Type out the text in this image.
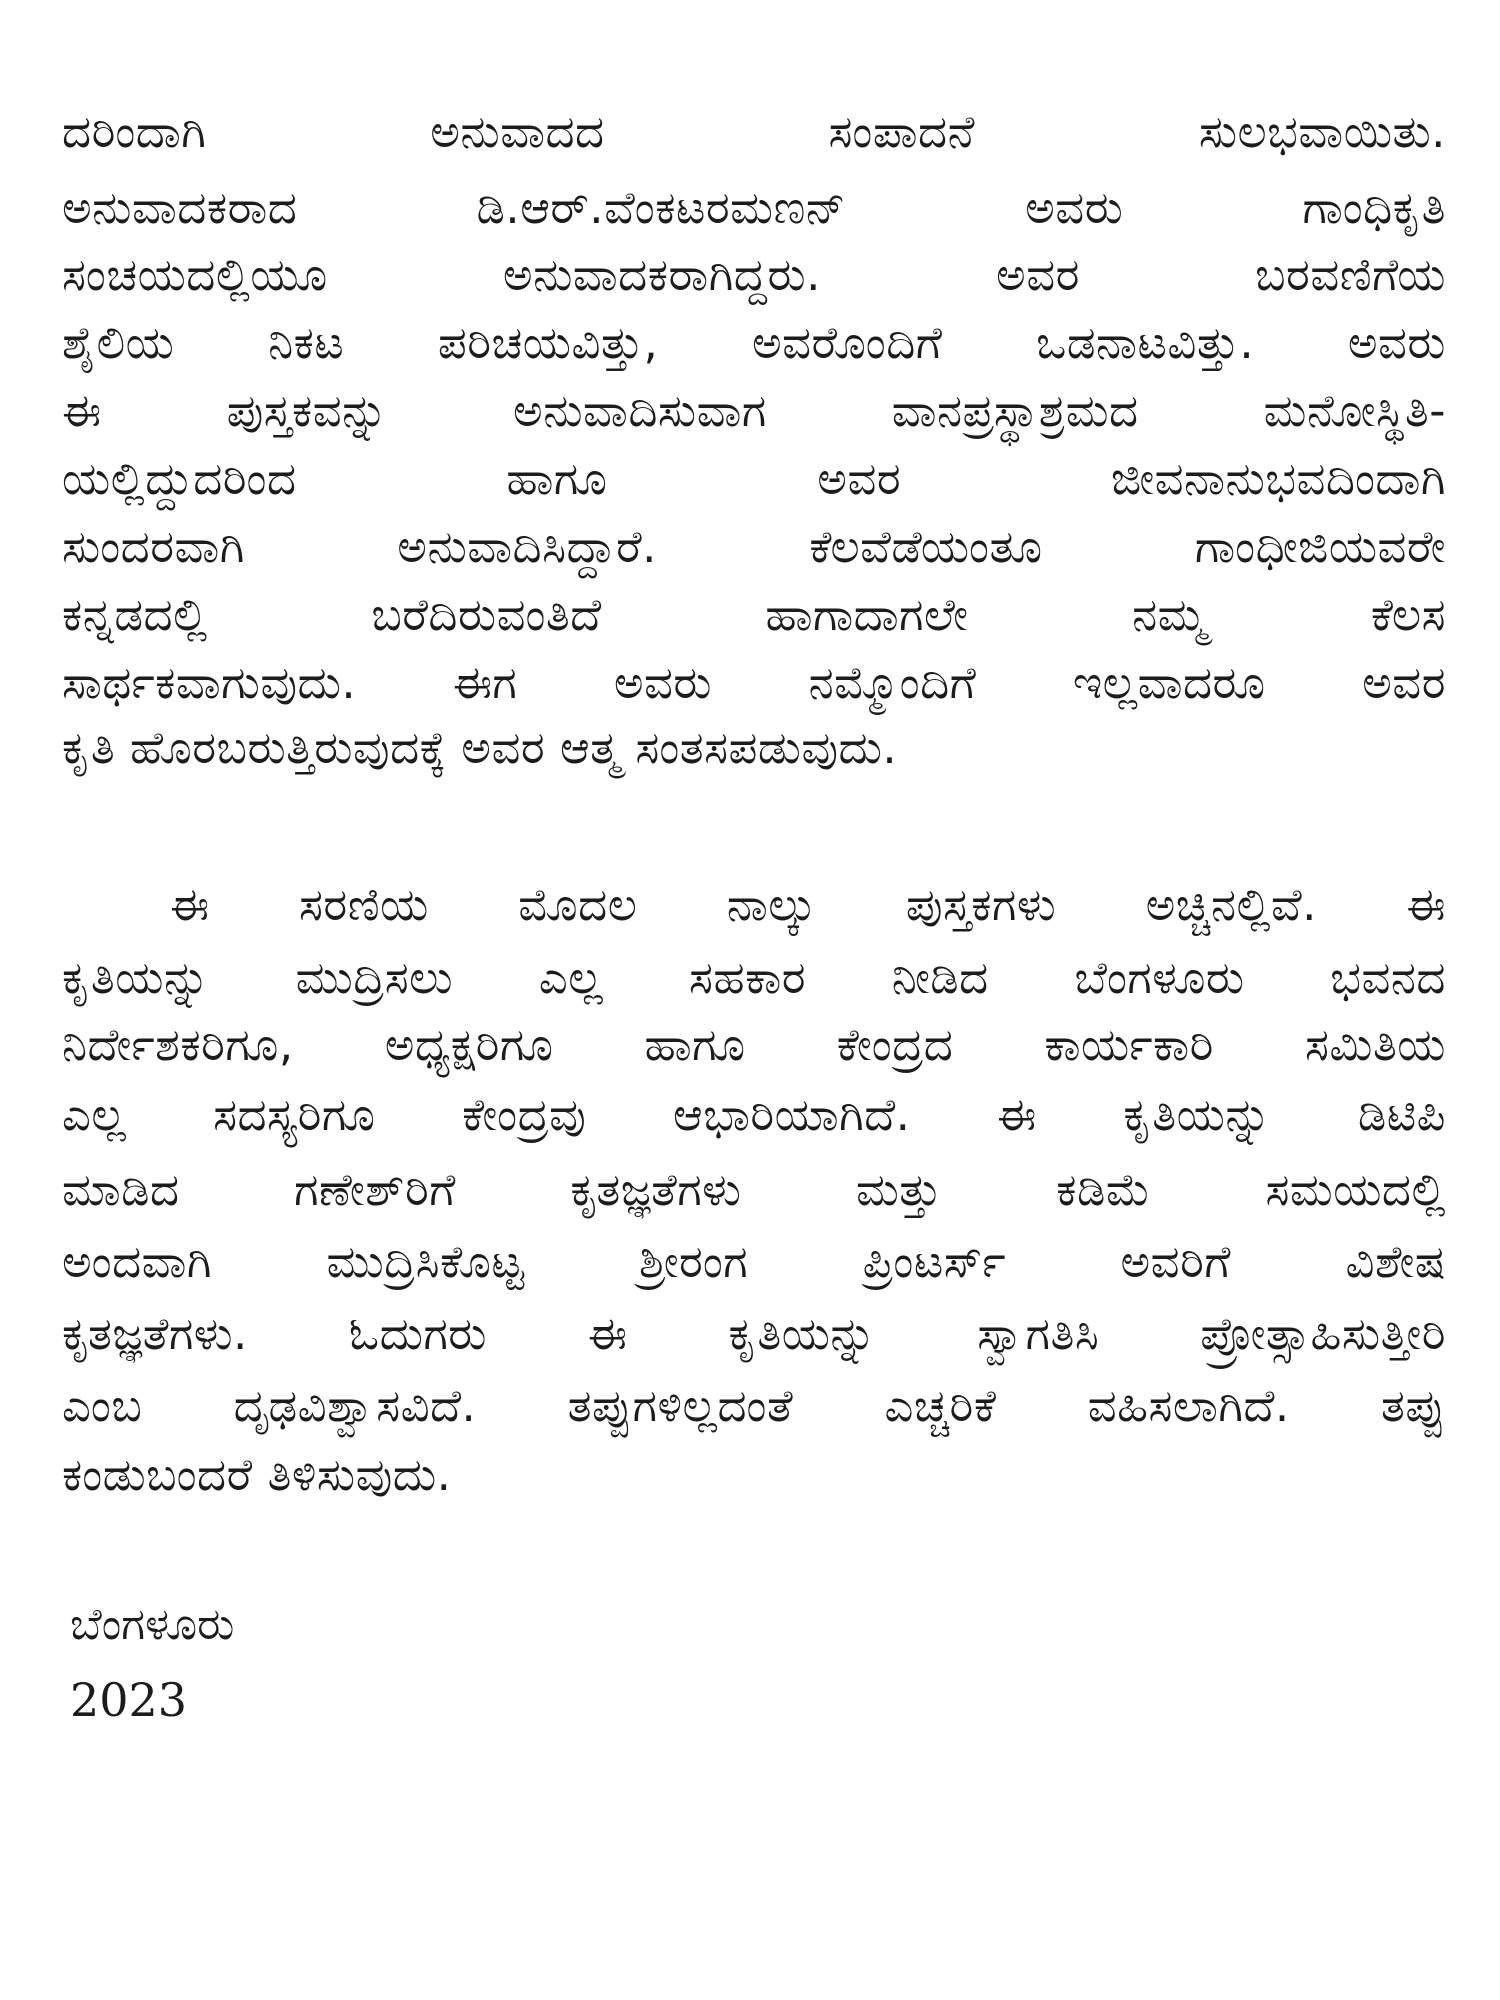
ದರಿಂದಾಗಿ ಅನುವಾದದ ಸಂಪಾದನೆ ಸುಲಭವಾಯಿತು.
ಅನುವಾದಕರಾದ ಡಿ.ಆರ್.ವೆಂಕಟರಮಣನ್ ಅವರು ಗಾಂಧಿಕೃತಿ
ಸಂಚಯದಲ್ಲಿಯೂ ಅನುವಾದಕರಾಗಿದ್ದರು. ಅವರ ಬರವಣಿಗೆಯ
ಶೈಲಿಯ ನಿಕಟ ಪರಿಚಯವಿತ್ತು, ಅವರೊಂದಿಗೆ ಒಡನಾಟವಿತ್ತು. ಅವರು
ಈ ಪುಸ್ತಕವನ್ನು ಅನುವಾದಿಸುವಾಗ ವಾನಪ್ರಸ್ಥಾಶ್ರಮದ ಮನೋಸ್ಥಿತಿ-
ಯಲ್ಲಿದ್ದುದರಿಂದ ಹಾಗೂ ಅವರ ಜೀವನಾನುಭವದಿಂದಾಗಿ
ಸುಂದರವಾಗಿ ಅನುವಾದಿಸಿದ್ದಾರೆ. ಕೆಲವೆಡೆಯಂತೂ ಗಾಂಧೀಜಿಯವರೇ
ಕನ್ನಡದಲ್ಲಿ ಬರೆದಿರುವಂತಿದೆ ಹಾಗಾದಾಗಲೇ ನಮ್ಮ ಕೆಲಸ
ಸಾರ್ಥಕವಾಗುವುದು. ಈಗ ಅವರು ನಮ್ಮೊಂದಿಗೆ ಇಲ್ಲವಾದರೂ ಅವರ
ಕೃತಿ ಹೊರಬರುತ್ತಿರುವುದಕ್ಕೆ ಅವರ ಆತ್ಮ ಸಂತಸಪಡುವುದು.
ಈ ಸರಣಿಯ ಮೊದಲ ನಾಲ್ಕು ಪುಸ್ತಕಗಳು ಅಚ್ಚಿನಲ್ಲಿವೆ. ಈ
ಕೃತಿಯನ್ನು ಮುದ್ರಿಸಲು ಎಲ್ಲ ಸಹಕಾರ ನೀಡಿದ ಬೆಂಗಳೂರು ಭವನದ
ನಿರ್ದೇಶಕರಿಗೂ, ಅಧ್ಯಕ್ಷರಿಗೂ ಹಾಗೂ ಕೇಂದ್ರದ ಕಾರ್ಯಕಾರಿ ಸಮಿತಿಯ
ಎಲ್ಲ ಸದಸ್ಯರಿಗೂ ಕೇಂದ್ರವು ಆಭಾರಿಯಾಗಿದೆ. ಈ ಕೃತಿಯನ್ನು ಡಿಟಿಪಿ
ಮಾಡಿದ ಗಣೇಶ್‌ರಿಗೆ ಕೃತಜ್ಞತೆಗಳು ಮತ್ತು ಕಡಿಮೆ ಸಮಯದಲ್ಲಿ
ಅಂದವಾಗಿ ಮುದ್ರಿಸಿಕೊಟ್ಟ ಶ್ರೀರಂಗ ಪ್ರಿಂಟರ್ಸ್ ಅವರಿಗೆ ವಿಶೇಷ
ಕೃತಜ್ಞತೆಗಳು. ಓದುಗರು ಈ ಕೃತಿಯನ್ನು ಸ್ವಾಗತಿಸಿ ಪ್ರೋತ್ಸಾಹಿಸುತ್ತೀರಿ
ಎಂಬ ದೃಢವಿಶ್ವಾಸವಿದೆ. ತಪ್ಪುಗಳಿಲ್ಲದಂತೆ ಎಚ್ಚರಿಕೆ ವಹಿಸಲಾಗಿದೆ. ತಪ್ಪು
ಕಂಡುಬಂದರೆ ತಿಳಿಸುವುದು.
ಬೆಂಗಳೂರು
2023
